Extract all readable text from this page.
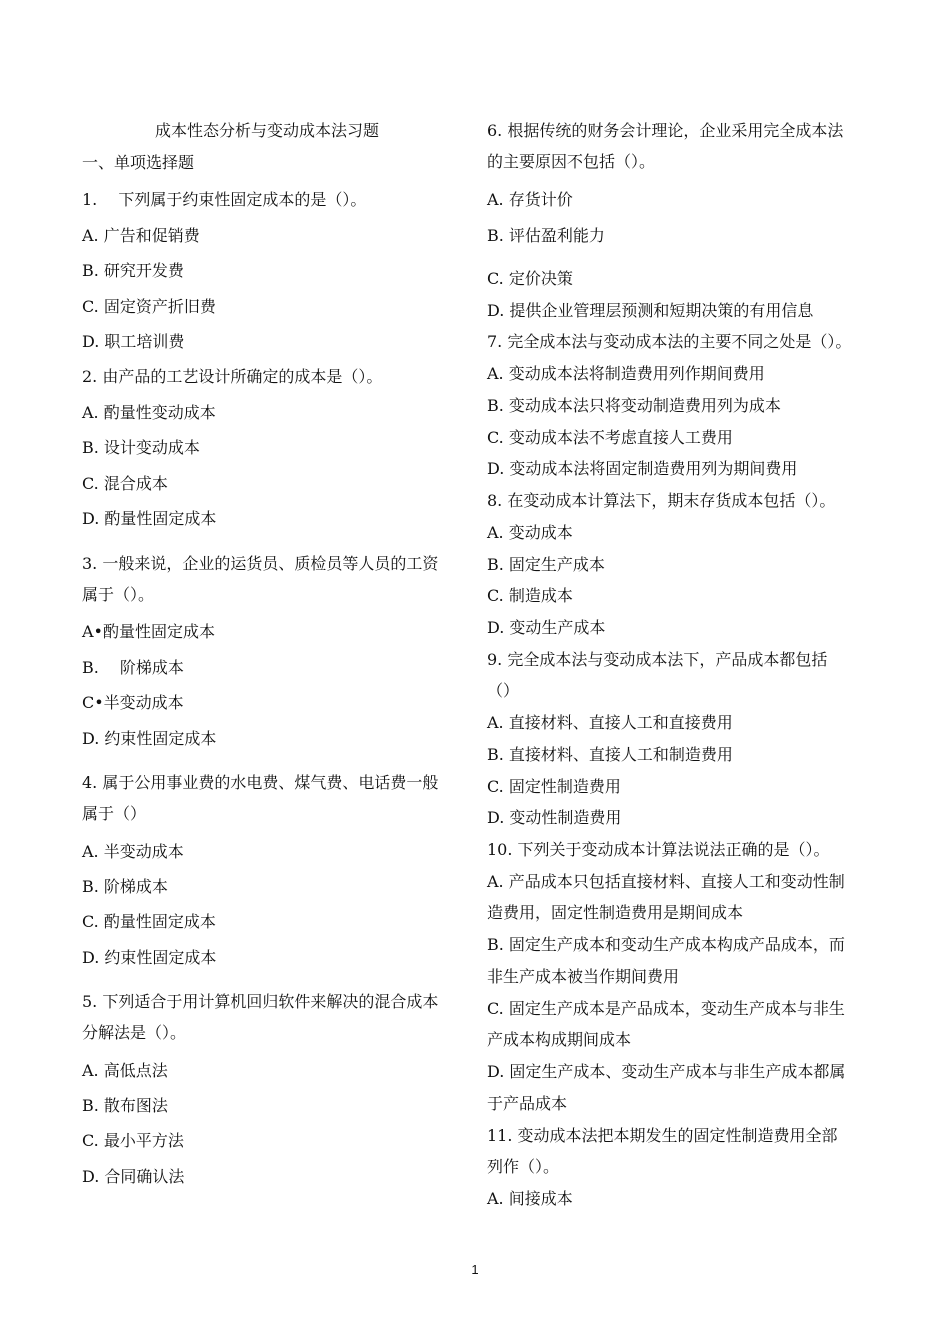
成本性态分析与变动成本法习题
一、单项选择题
1.　 下列属于约束性固定成本的是（）。
A. 广告和促销费
B. 研究开发费
C. 固定资产折旧费
D. 职工培训费
2. 由产品的工艺设计所确定的成本是（）。
A. 酌量性变动成本
B. 设计变动成本
C. 混合成本
D. 酌量性固定成本
3. 一般来说，企业的运货员、质检员等人员的工资
属于（）。
A•酌量性固定成本
B.　 阶梯成本
C•半变动成本
D. 约束性固定成本
4. 属于公用事业费的水电费、煤气费、电话费一般
属于（）
A. 半变动成本
B. 阶梯成本
C. 酌量性固定成本
D. 约束性固定成本
5. 下列适合于用计算机回归软件来解决的混合成本
分解法是（）。
A. 高低点法
B. 散布图法
C. 最小平方法
D. 合同确认法
6. 根据传统的财务会计理论，企业采用完全成本法
的主要原因不包括（）。
A. 存货计价
B. 评估盈利能力
C. 定价决策
D. 提供企业管理层预测和短期决策的有用信息
7. 完全成本法与变动成本法的主要不同之处是（）。
A. 变动成本法将制造费用列作期间费用
B. 变动成本法只将变动制造费用列为成本
C. 变动成本法不考虑直接人工费用
D. 变动成本法将固定制造费用列为期间费用
8. 在变动成本计算法下，期末存货成本包括（）。
A. 变动成本
B. 固定生产成本
C. 制造成本
D. 变动生产成本
9. 完全成本法与变动成本法下，产品成本都包括
（）
A. 直接材料、直接人工和直接费用
B. 直接材料、直接人工和制造费用
C. 固定性制造费用
D. 变动性制造费用
10. 下列关于变动成本计算法说法正确的是（）。
A. 产品成本只包括直接材料、直接人工和变动性制
造费用，固定性制造费用是期间成本
B. 固定生产成本和变动生产成本构成产品成本，而
非生产成本被当作期间费用
C. 固定生产成本是产品成本，变动生产成本与非生
产成本构成期间成本
D. 固定生产成本、变动生产成本与非生产成本都属
于产品成本
11. 变动成本法把本期发生的固定性制造费用全部
列作（）。
A. 间接成本
1
